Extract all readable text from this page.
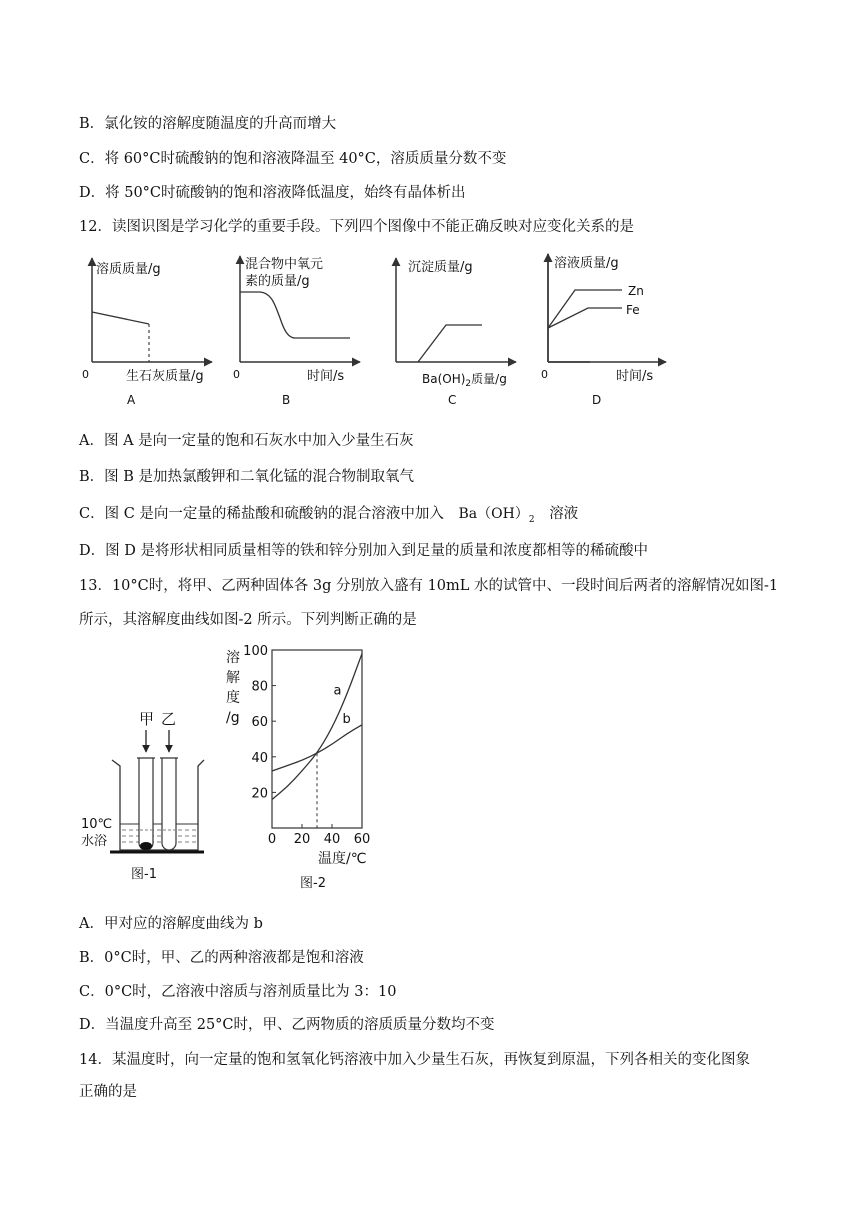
B．氯化铵的溶解度随温度的升高而增大
C．将 60°C时硫酸钠的饱和溶液降温至 40°C，溶质质量分数不变
D．将 50°C时硫酸钠的饱和溶液降低温度，始终有晶体析出
12．读图识图是学习化学的重要手段。下列四个图像中不能正确反映对应变化关系的是
溶质质量/g
0	生石灰质量/g
A
混合物中氧元
素的质量/g
0	时间/s
B
沉淀质量/g
$Ba(OH)_2$质量/g
C
溶液质量/g
Zn
Fe
0	时间/s
D
A．图 A 是向一定量的饱和石灰水中加入少量生石灰
B．图 B 是加热氯酸钾和二氧化锰的混合物制取氧气
C．图 C 是向一定量的稀盐酸和硫酸钠的混合溶液中加入 $Ba(OH)_2$ 溶液
D．图 D 是将形状相同质量相等的铁和锌分别加入到足量的质量和浓度都相等的稀硫酸中
13．10°C时，将甲、乙两种固体各 3g 分别放入盛有 10mL 水的试管中、一段时间后两者的溶解情况如图-1
所示，其溶解度曲线如图-2 所示。下列判断正确的是
甲 乙
10℃
水浴
图-1
溶
解
度
/g
100
80
60
40
20
0 20 40 60
a
b
温度/℃
图-2
A．甲对应的溶解度曲线为 b
B．0°C时，甲、乙的两种溶液都是饱和溶液
C．0°C时，乙溶液中溶质与溶剂质量比为 3：10
D．当温度升高至 25°C时，甲、乙两物质的溶质质量分数均不变
14．某温度时，向一定量的饱和氢氧化钙溶液中加入少量生石灰，再恢复到原温，下列各相关的变化图象
正确的是
